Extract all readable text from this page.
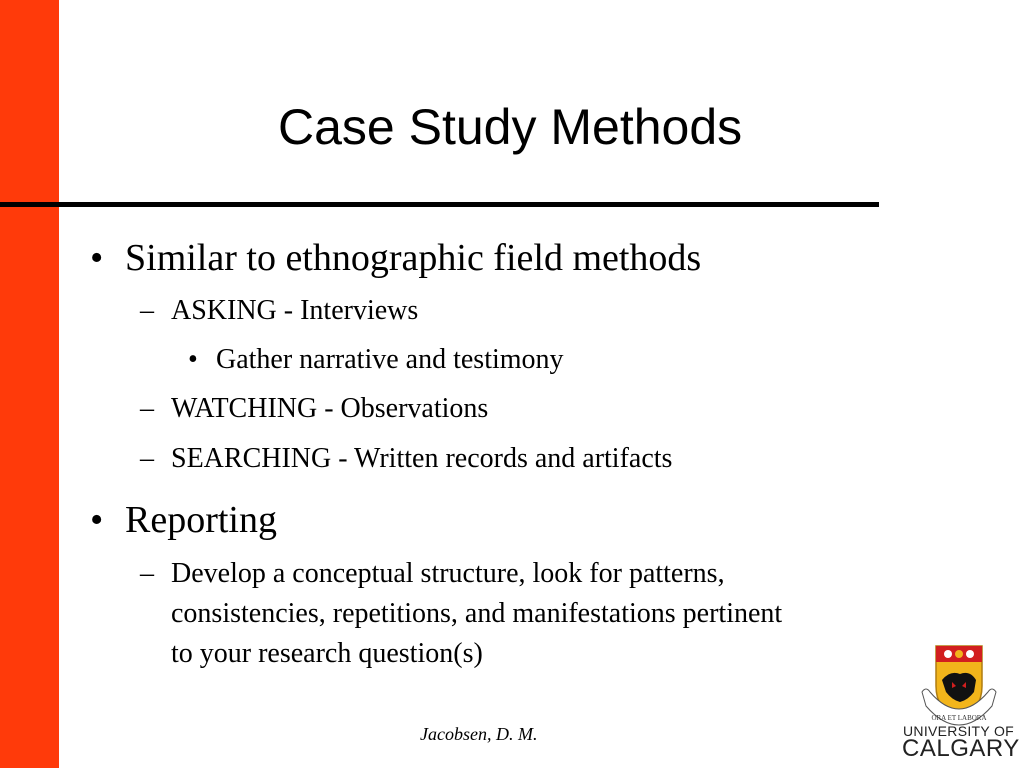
Case Study Methods
• Similar to ethnographic field methods
– ASKING - Interviews
• Gather narrative and testimony
– WATCHING - Observations
– SEARCHING - Written records and artifacts
• Reporting
– Develop a conceptual structure, look for patterns,
consistencies, repetitions, and manifestations pertinent
to your research question(s)
Jacobsen, D. M.
ORA ET LABORA
UNIVERSITY OF
CALGARY
